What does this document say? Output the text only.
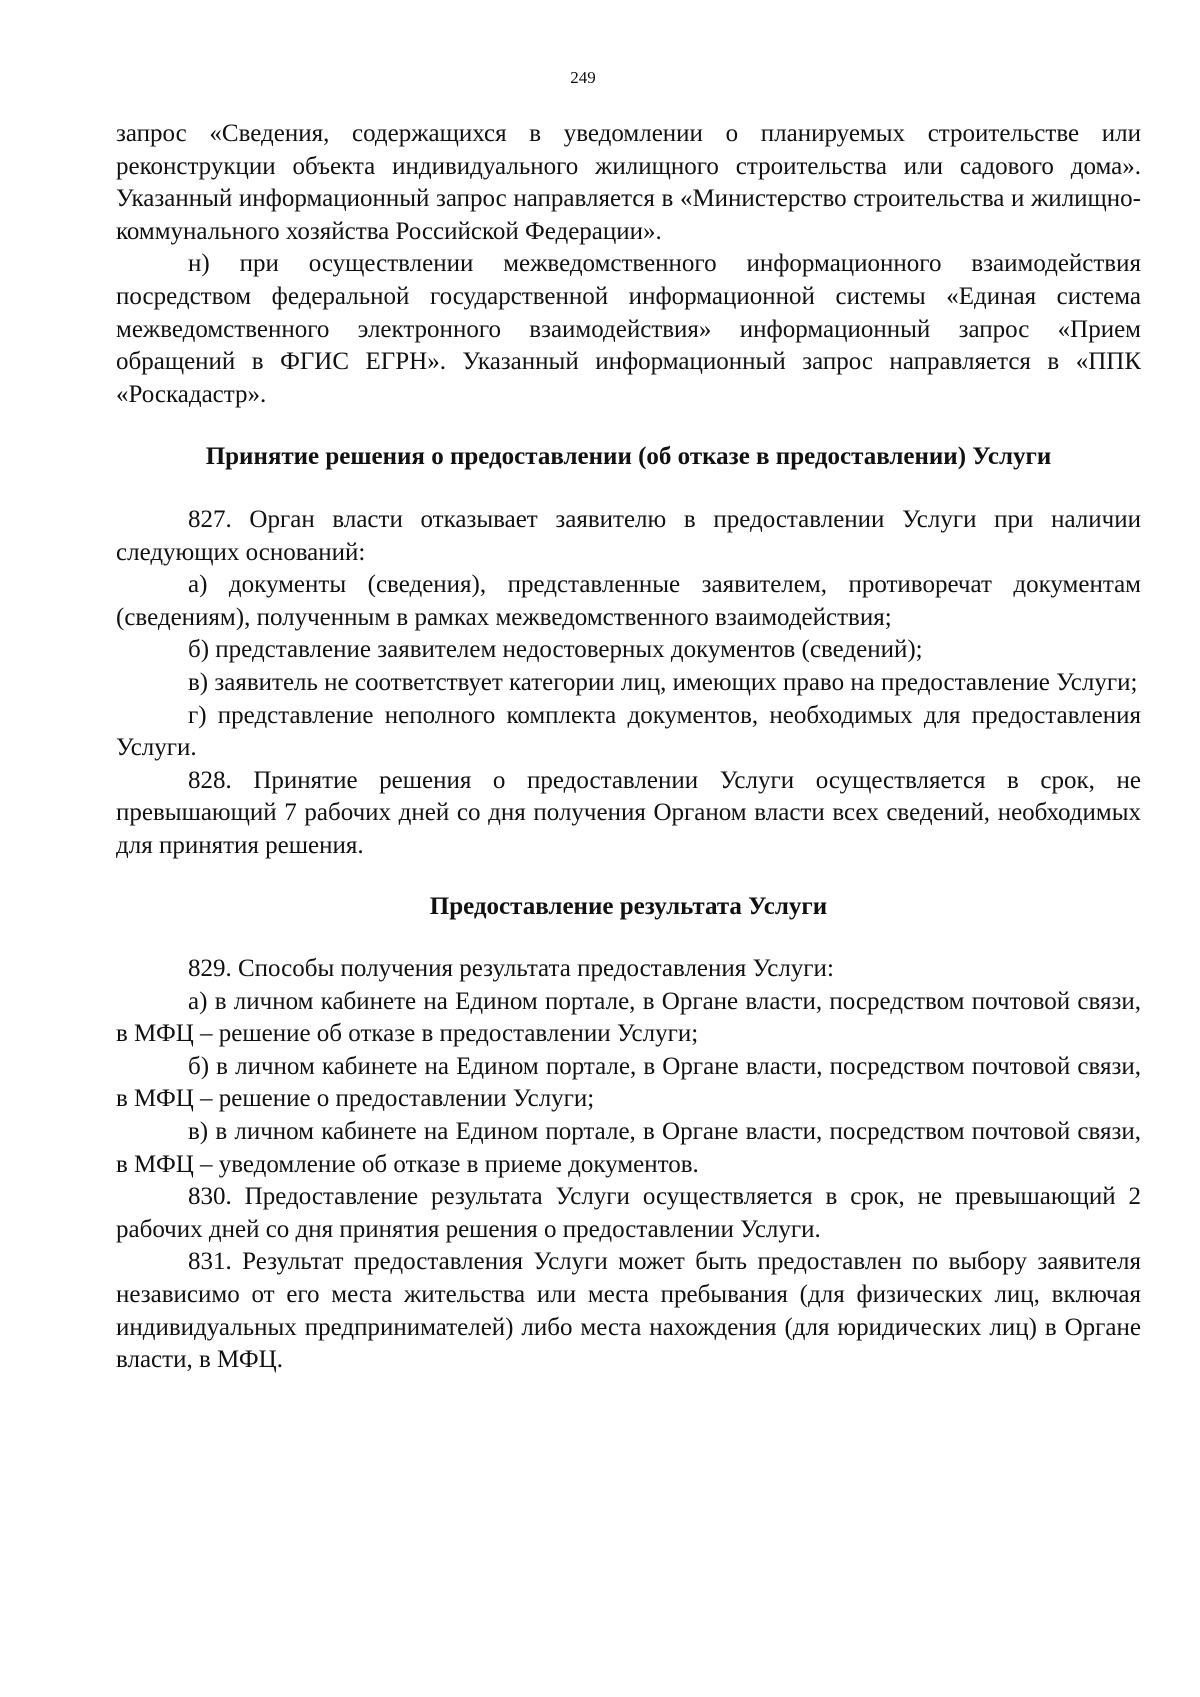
249

запрос «Сведения, содержащихся в уведомлении о планируемых строительстве или реконструкции объекта индивидуального жилищного строительства или садового дома». Указанный информационный запрос направляется в «Министерство строительства и жилищно-коммунального хозяйства Российской Федерации».

н) при осуществлении межведомственного информационного взаимодействия посредством федеральной государственной информационной системы «Единая система межведомственного электронного взаимодействия» информационный запрос «Прием обращений в ФГИС ЕГРН». Указанный информационный запрос направляется в «ППК «Роскадастр».

Принятие решения о предоставлении (об отказе в предоставлении) Услуги

827. Орган власти отказывает заявителю в предоставлении Услуги при наличии следующих оснований:

а) документы (сведения), представленные заявителем, противоречат документам (сведениям), полученным в рамках межведомственного взаимодействия;

б) представление заявителем недостоверных документов (сведений);

в) заявитель не соответствует категории лиц, имеющих право на предоставление Услуги;

г) представление неполного комплекта документов, необходимых для предоставления Услуги.

828. Принятие решения о предоставлении Услуги осуществляется в срок, не превышающий 7 рабочих дней со дня получения Органом власти всех сведений, необходимых для принятия решения.

Предоставление результата Услуги

829. Способы получения результата предоставления Услуги:

а) в личном кабинете на Едином портале, в Органе власти, посредством почтовой связи, в МФЦ – решение об отказе в предоставлении Услуги;

б) в личном кабинете на Едином портале, в Органе власти, посредством почтовой связи, в МФЦ – решение о предоставлении Услуги;

в) в личном кабинете на Едином портале, в Органе власти, посредством почтовой связи, в МФЦ – уведомление об отказе в приеме документов.

830. Предоставление результата Услуги осуществляется в срок, не превышающий 2 рабочих дней со дня принятия решения о предоставлении Услуги.

831. Результат предоставления Услуги может быть предоставлен по выбору заявителя независимо от его места жительства или места пребывания (для физических лиц, включая индивидуальных предпринимателей) либо места нахождения (для юридических лиц) в Органе власти, в МФЦ.
